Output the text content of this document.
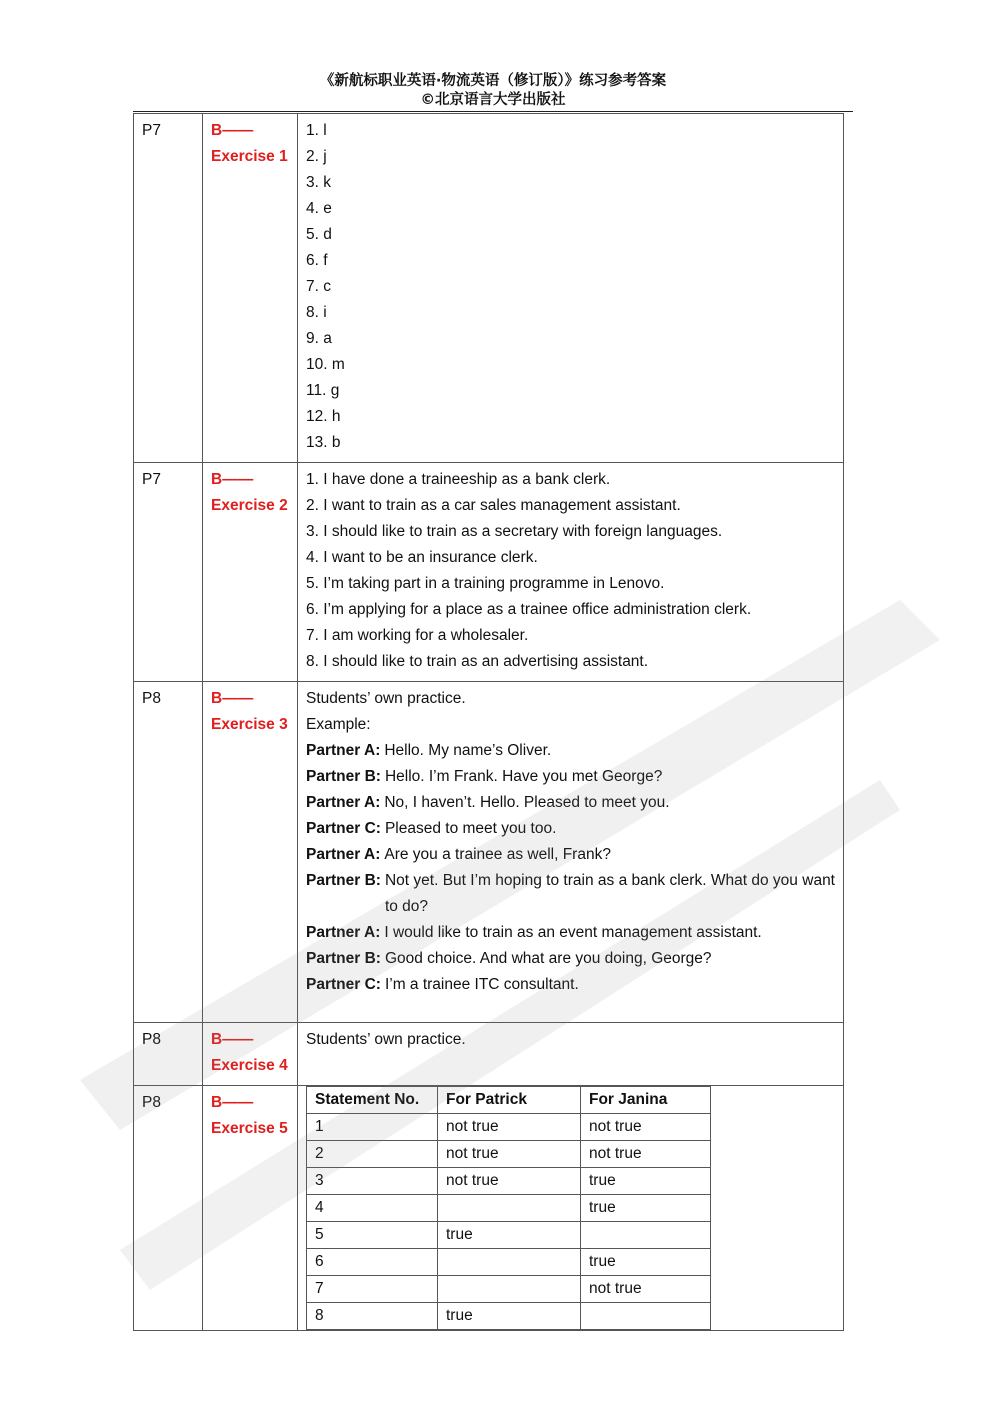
《新航标职业英语·物流英语（修订版）》练习参考答案
©北京语言大学出版社
P7	B——
Exercise 1

1. l
2. j
3. k
4. e
5. d
6. f
7. c
8. i
9. a
10. m
11. g
12. h
13. b

P7	B——
Exercise 2

1. I have done a traineeship as a bank clerk.
2. I want to train as a car sales management assistant.
3. I should like to train as a secretary with foreign languages.
4. I want to be an insurance clerk.
5. I’m taking part in a training programme in Lenovo.
6. I’m applying for a place as a trainee office administration clerk.
7. I am working for a wholesaler.
8. I should like to train as an advertising assistant.

P8	B——
Exercise 3

Students’ own practice.
Example:
Partner A: Hello. My name’s Oliver.
Partner B: Hello. I’m Frank. Have you met George?
Partner A: No, I haven’t. Hello. Pleased to meet you.
Partner C: Pleased to meet you too.
Partner A: Are you a trainee as well, Frank?
Partner B: Not yet. But I’m hoping to train as a bank clerk. What do you want to do?
Partner A: I would like to train as an event management assistant.
Partner B: Good choice. And what are you doing, George?
Partner C: I’m a trainee ITC consultant.

P8	B——
Exercise 4
	Students’ own practice.
P8	B——
Exercise 5

Statement No.	For Patrick	For Janina
1	not true	not true
2	not true	not true
3	not true	true
4		true
5	true	
6		true
7		not true
8	true	
